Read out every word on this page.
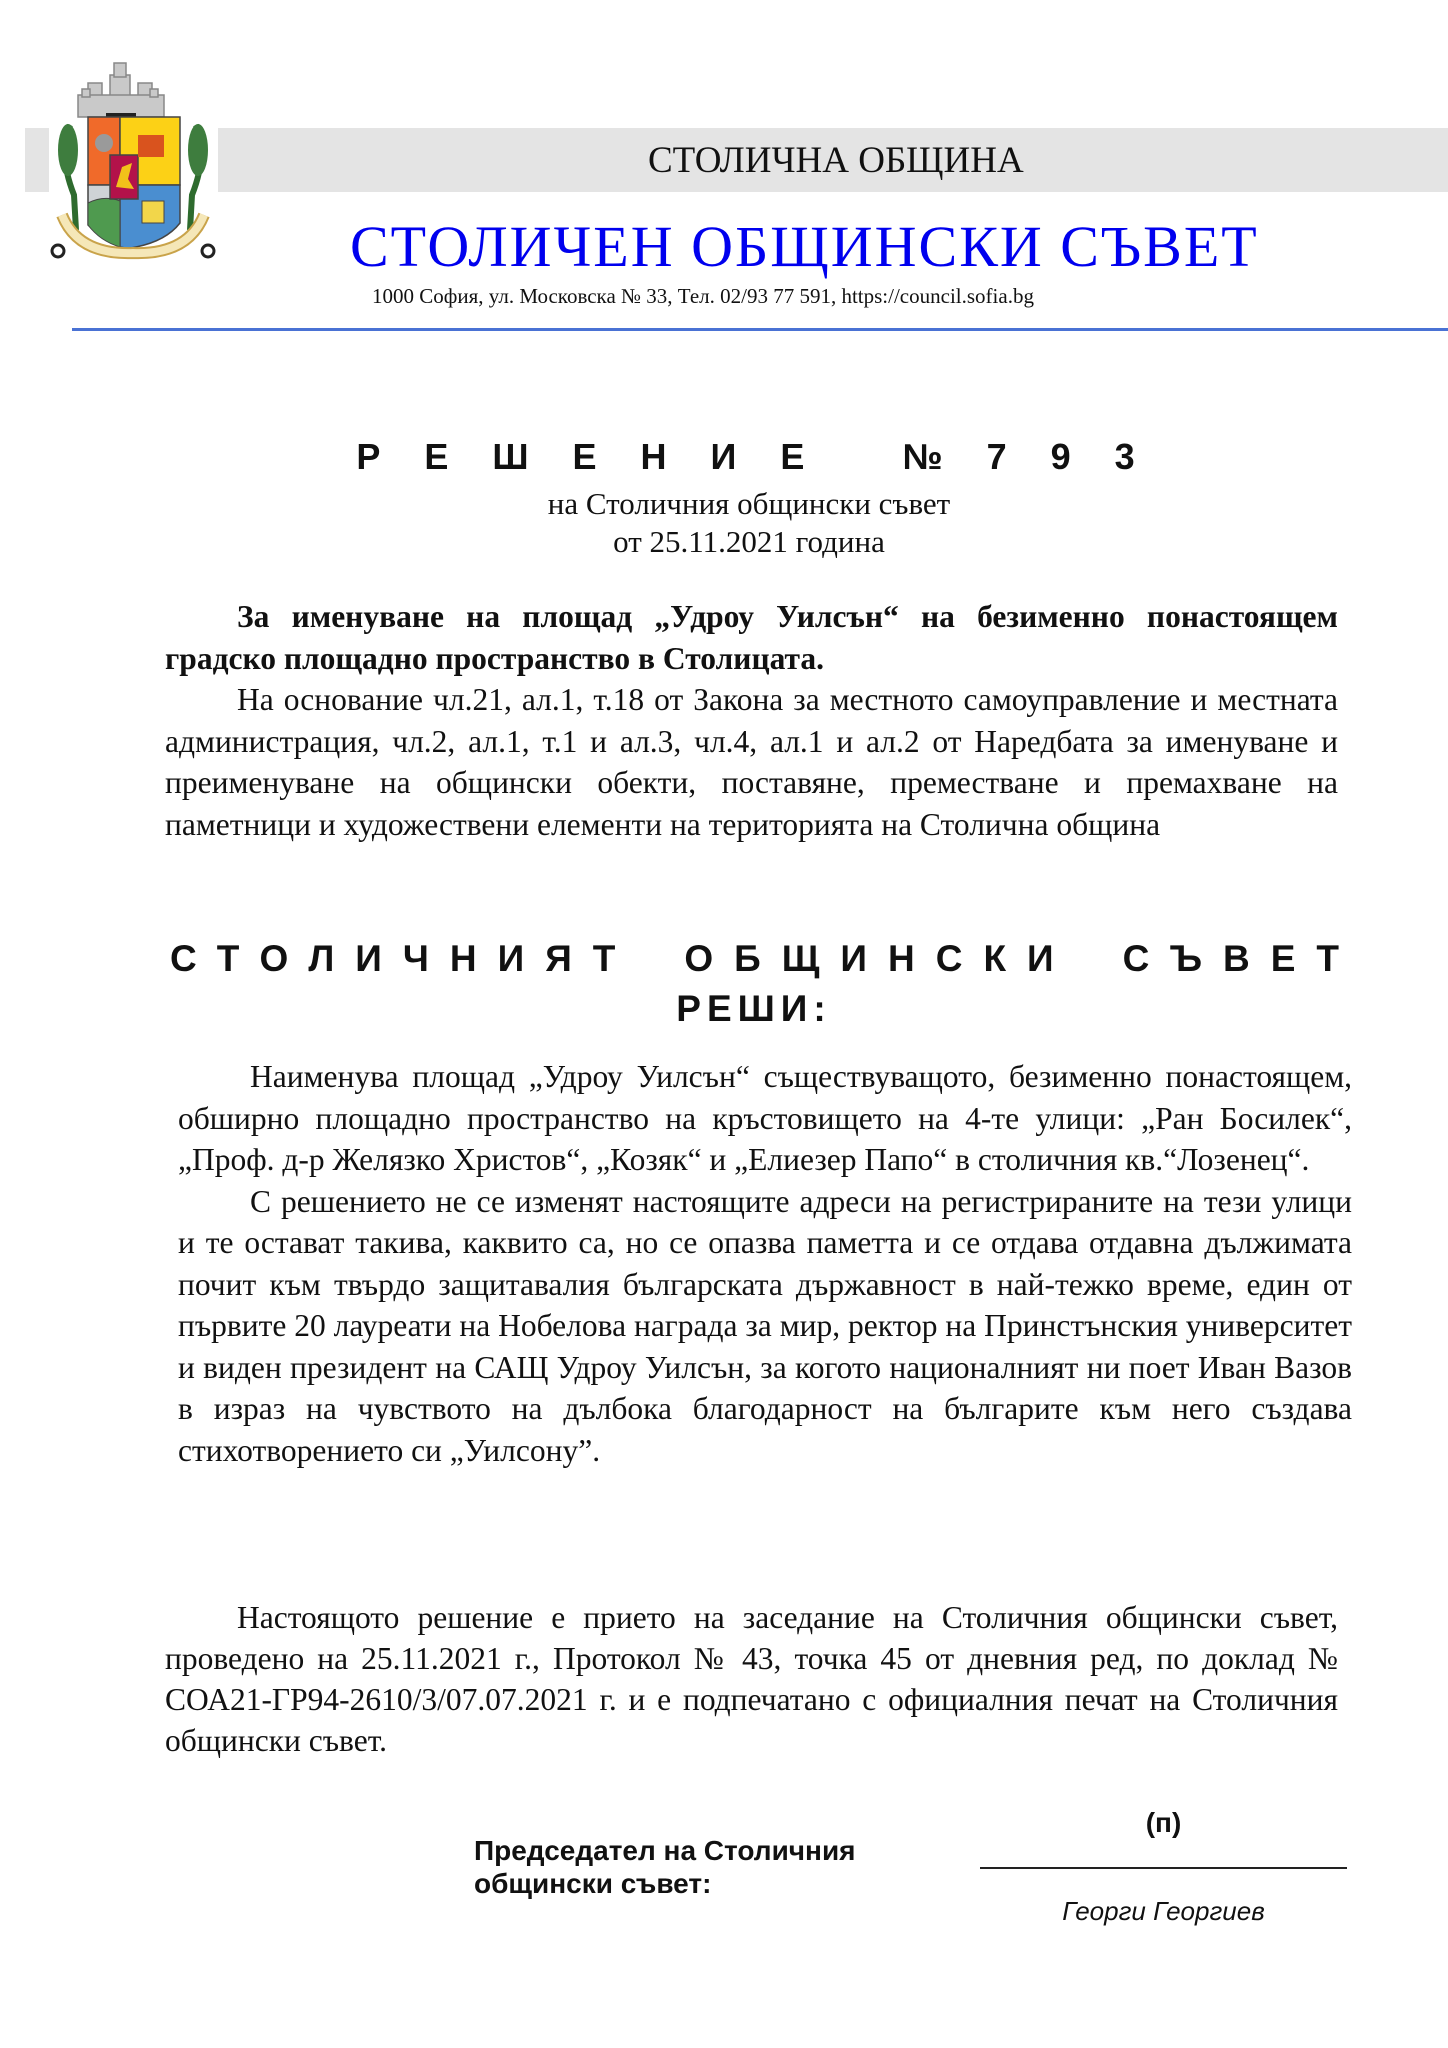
СТОЛИЧНА ОБЩИНА
СТОЛИЧЕН ОБЩИНСКИ СЪВЕТ
1000 София, ул. Московска № 33, Тел. 02/93 77 591, https://council.sofia.bg
Р Е Ш Е Н И Е   № 7 9 3
на Столичния общински съвет
от 25.11.2021 година

За именуване на площад „Удроу Уилсън“ на безименно понастоящем градско площадно пространство в Столицата.

На основание чл.21, ал.1, т.18 от Закона за местното самоуправление и местната администрация, чл.2, ал.1, т.1 и ал.3, чл.4, ал.1 и ал.2 от Наредбата за именуване и преименуване на общински обекти, поставяне, преместване и премахване на паметници и художествени елементи на територията на Столична община

СТОЛИЧНИЯТ ОБЩИНСКИ СЪВЕТ
РЕШИ:

Наименува площад „Удроу Уилсън“ съществуващото, безименно понастоящем, обширно площадно пространство на кръстовището на 4-те улици: „Ран Босилек“, „Проф. д-р Желязко Христов“, „Козяк“ и „Елиезер Папо“ в столичния кв.“Лозенец“.

С решението не се изменят настоящите адреси на регистрираните на тези улици и те остават такива, каквито са, но се опазва паметта и се отдава отдавна дължимата почит към твърдо защитавалия българската държавност в най-тежко време, един от първите 20 лауреати на Нобелова награда за мир, ректор на Принстънския университет и виден президент на САЩ Удроу Уилсън, за когото националният ни поет Иван Вазов в израз на чувството на дълбока благодарност на българите към него създава стихотворението си „Уилсону”.

Настоящото решение е прието на заседание на Столичния общински съвет, проведено на 25.11.2021 г., Протокол № 43, точка 45 от дневния ред, по доклад № СОА21-ГР94-2610/3/07.07.2021 г. и е подпечатано с официалния печат на Столичния общински съвет.

Председател на Столичния
общински съвет:
(п)
Георги Георгиев
